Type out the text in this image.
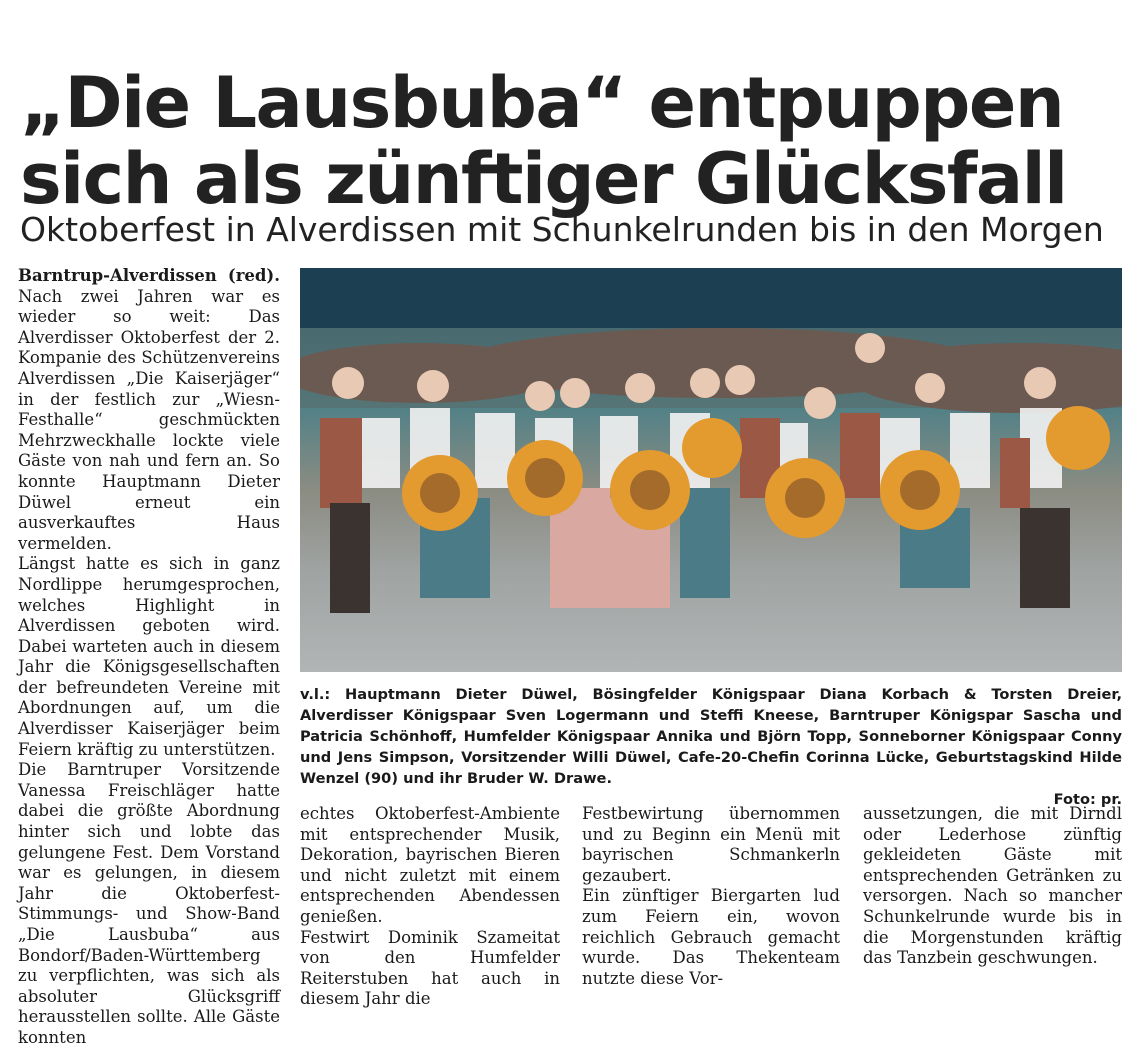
„Die Lausbuba“ entpuppen sich als zünftiger Glücksfall
Oktoberfest in Alverdissen mit Schunkelrunden bis in den Morgen

Barntrup-Alverdissen (red). Nach zwei Jahren war es wieder so weit: Das Alverdisser Oktoberfest der 2. Kompanie des Schützenvereins Alverdissen „Die Kaiserjäger“ in der festlich zur „Wiesn-Festhalle“ geschmückten Mehrzweckhalle lockte viele Gäste von nah und fern an. So konnte Hauptmann Dieter Düwel erneut ein ausverkauftes Haus vermelden.

Längst hatte es sich in ganz Nordlippe herumgesprochen, welches Highlight in Alverdissen geboten wird. Dabei warteten auch in diesem Jahr die Königsgesellschaften der befreundeten Vereine mit Abordnungen auf, um die Alverdisser Kaiserjäger beim Feiern kräftig zu unterstützen.

Die Barntruper Vorsitzende Vanessa Freischläger hatte dabei die größte Abordnung hinter sich und lobte das gelungene Fest. Dem Vorstand war es gelungen, in diesem Jahr die Oktoberfest-Stimmungs- und Show-Band „Die Lausbuba“ aus Bondorf/Baden-Württemberg zu verpflichten, was sich als absoluter Glücksgriff herausstellen sollte. Alle Gäste konnten

v.l.: Hauptmann Dieter Düwel, Bösingfelder Königspaar Diana Korbach & Torsten Dreier, Alverdisser Königspaar Sven Logermann und Steffi Kneese, Barntruper Königspar Sascha und Patricia Schönhoff, Humfelder Königspaar Annika und Björn Topp, Sonneborner Königspaar Conny und Jens Simpson, Vorsitzender Willi Düwel, Cafe-20-Chefin Corinna Lücke, Geburtstagskind Hilde Wenzel (90) und ihr Bruder W. Drawe.
Foto: pr.

echtes Oktoberfest-Ambiente mit entsprechender Musik, Dekoration, bayrischen Bieren und nicht zuletzt mit einem entsprechenden Abendessen genießen.

Festwirt Dominik Szameitat von den Humfelder Reiterstuben hat auch in diesem Jahr die

Festbewirtung übernommen und zu Beginn ein Menü mit bayrischen Schmankerln gezaubert.

Ein zünftiger Biergarten lud zum Feiern ein, wovon reichlich Gebrauch gemacht wurde. Das Thekenteam nutzte diese Vor-

aussetzungen, die mit Dirndl oder Lederhose zünftig gekleideten Gäste mit entsprechenden Getränken zu versorgen. Nach so mancher Schunkelrunde wurde bis in die Morgenstunden kräftig das Tanzbein geschwungen.
